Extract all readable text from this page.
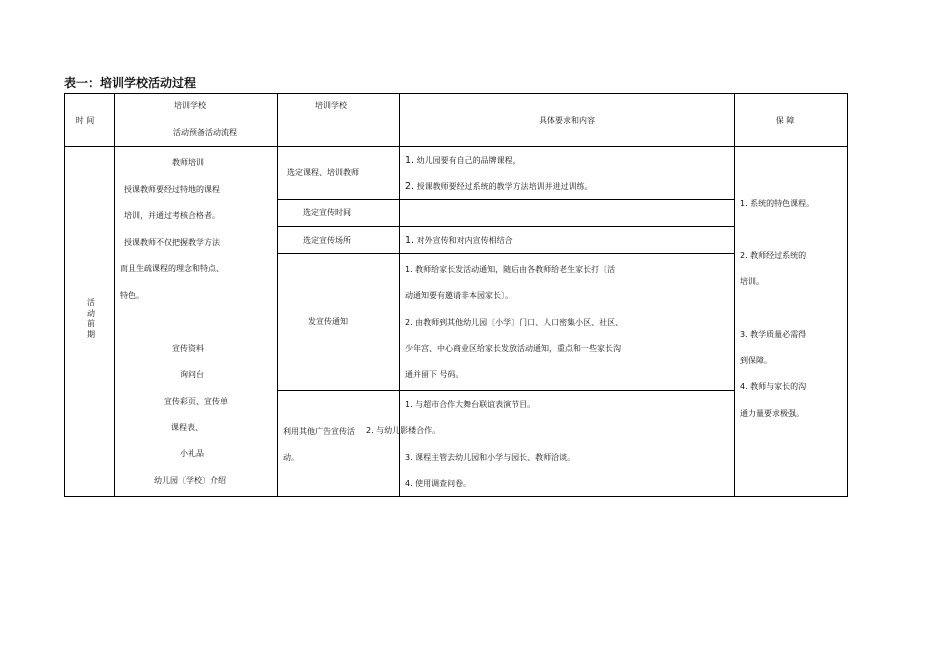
表一：培训学校活动过程
时 间
培训学校
活动预备活动流程
培训学校
具体要求和内容	保 障
活
动
前
期
教师培训
授课教师要经过特地的课程
培训，并通过考核合格者。
授课教师不仅把握教学方法
而且生疏课程的理念和特点、
特色。
宣传资料
询问台
宣传彩页、宣传单
课程表、
小礼品
幼儿园〔学校〕介绍
选定课程、培训教师
1. 幼儿园要有自己的品牌课程，
2. 授课教师要经过系统的教学方法培训并进过训练。
选定宣传时间
选定宣传场所	1. 对外宣传和对内宣传相结合
发宣传通知
1. 教师给家长发活动通知，随后由各教师给老生家长打〔活
动通知要有邀请非本园家长〕。
2. 由教师到其他幼儿园〔小学〕门口、人口密集小区、社区、
少年宫、中心商业区给家长发放活动通知，重点和一些家长沟
通并留下 号码。
利用其他广告宣传活
动。
1. 与超市合作大舞台联谊表演节目。
2. 与幼儿影楼合作。
3. 课程主管去幼儿园和小学与园长、教师洽谈。
4. 使用调查问卷。
1. 系统的特色课程。
2. 教师经过系统的
培训。
3. 教学质量必需得
到保障。
4. 教师与家长的沟
通力量要求极强。
